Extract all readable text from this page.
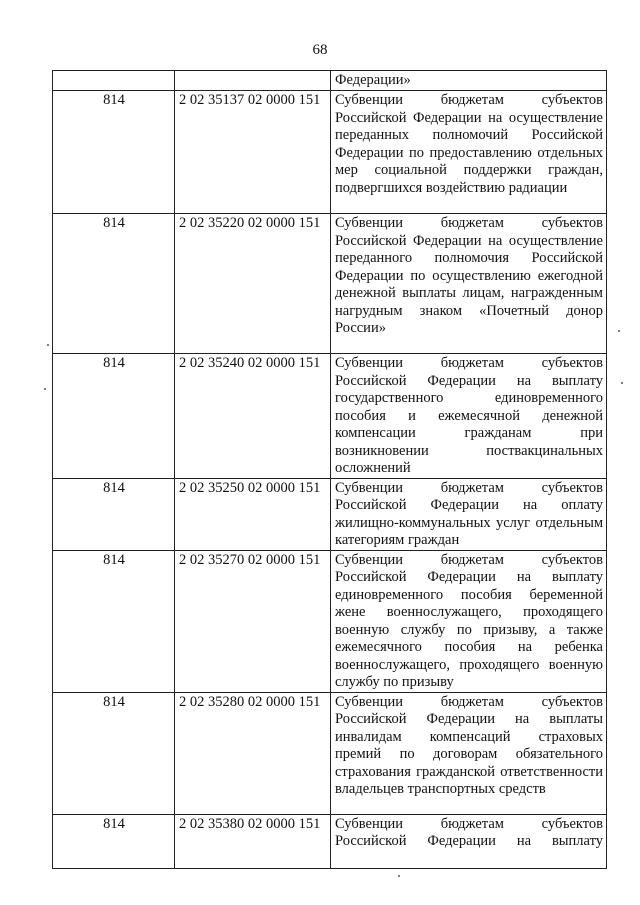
68
		Федерации»
814	2 02 35137 02 0000 151	Субвенции бюджетам субъектов Российской Федерации на осуществление переданных полномочий Российской Федерации по предоставлению отдельных мер социальной поддержки граждан, подвергшихся воздействию радиации
814	2 02 35220 02 0000 151	Субвенции бюджетам субъектов Российской Федерации на осуществление переданного полномочия Российской Федерации по осуществлению ежегодной денежной выплаты лицам, награжденным нагрудным знаком «Почетный донор России»
814	2 02 35240 02 0000 151	Субвенции бюджетам субъектов Российской Федерации на выплату государственного единовременного пособия и ежемесячной денежной компенсации гражданам при возникновении поствакцинальных осложнений
814	2 02 35250 02 0000 151	Субвенции бюджетам субъектов Российской Федерации на оплату жилищно-коммунальных услуг отдельным категориям граждан
814	2 02 35270 02 0000 151	Субвенции бюджетам субъектов Российской Федерации на выплату единовременного пособия беременной жене военнослужащего, проходящего военную службу по призыву, а также ежемесячного пособия на ребенка военнослужащего, проходящего военную службу по призыву
814	2 02 35280 02 0000 151	Субвенции бюджетам субъектов Российской Федерации на выплаты инвалидам компенсаций страховых премий по договорам обязательного страхования гражданской ответственности владельцев транспортных средств
814	2 02 35380 02 0000 151	Субвенции бюджетам субъектов Российской Федерации на выплату
